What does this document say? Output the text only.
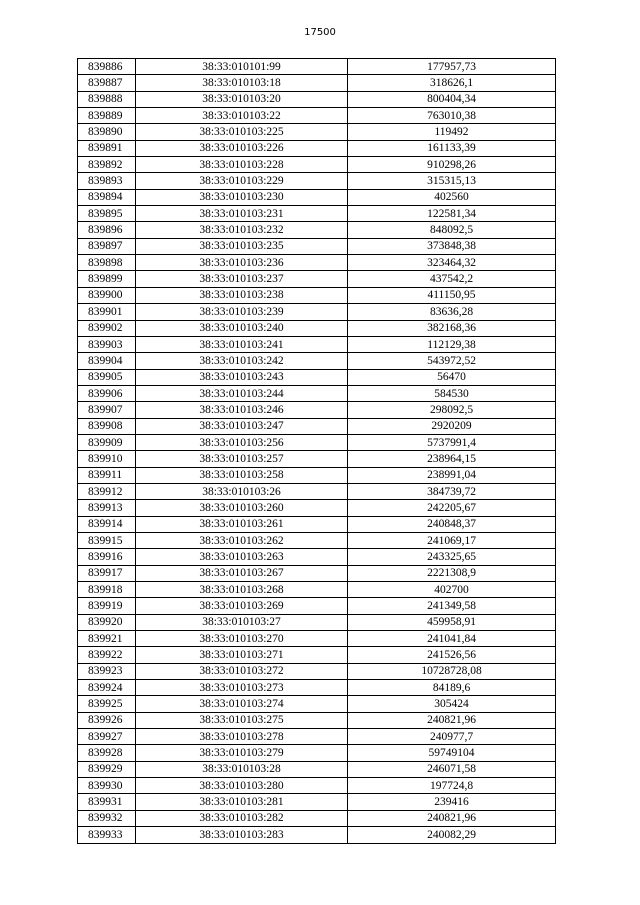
17500
839886	38:33:010101:99	177957,73
839887	38:33:010103:18	318626,1
839888	38:33:010103:20	800404,34
839889	38:33:010103:22	763010,38
839890	38:33:010103:225	119492
839891	38:33:010103:226	161133,39
839892	38:33:010103:228	910298,26
839893	38:33:010103:229	315315,13
839894	38:33:010103:230	402560
839895	38:33:010103:231	122581,34
839896	38:33:010103:232	848092,5
839897	38:33:010103:235	373848,38
839898	38:33:010103:236	323464,32
839899	38:33:010103:237	437542,2
839900	38:33:010103:238	411150,95
839901	38:33:010103:239	83636,28
839902	38:33:010103:240	382168,36
839903	38:33:010103:241	112129,38
839904	38:33:010103:242	543972,52
839905	38:33:010103:243	56470
839906	38:33:010103:244	584530
839907	38:33:010103:246	298092,5
839908	38:33:010103:247	2920209
839909	38:33:010103:256	5737991,4
839910	38:33:010103:257	238964,15
839911	38:33:010103:258	238991,04
839912	38:33:010103:26	384739,72
839913	38:33:010103:260	242205,67
839914	38:33:010103:261	240848,37
839915	38:33:010103:262	241069,17
839916	38:33:010103:263	243325,65
839917	38:33:010103:267	2221308,9
839918	38:33:010103:268	402700
839919	38:33:010103:269	241349,58
839920	38:33:010103:27	459958,91
839921	38:33:010103:270	241041,84
839922	38:33:010103:271	241526,56
839923	38:33:010103:272	10728728,08
839924	38:33:010103:273	84189,6
839925	38:33:010103:274	305424
839926	38:33:010103:275	240821,96
839927	38:33:010103:278	240977,7
839928	38:33:010103:279	59749104
839929	38:33:010103:28	246071,58
839930	38:33:010103:280	197724,8
839931	38:33:010103:281	239416
839932	38:33:010103:282	240821,96
839933	38:33:010103:283	240082,29
